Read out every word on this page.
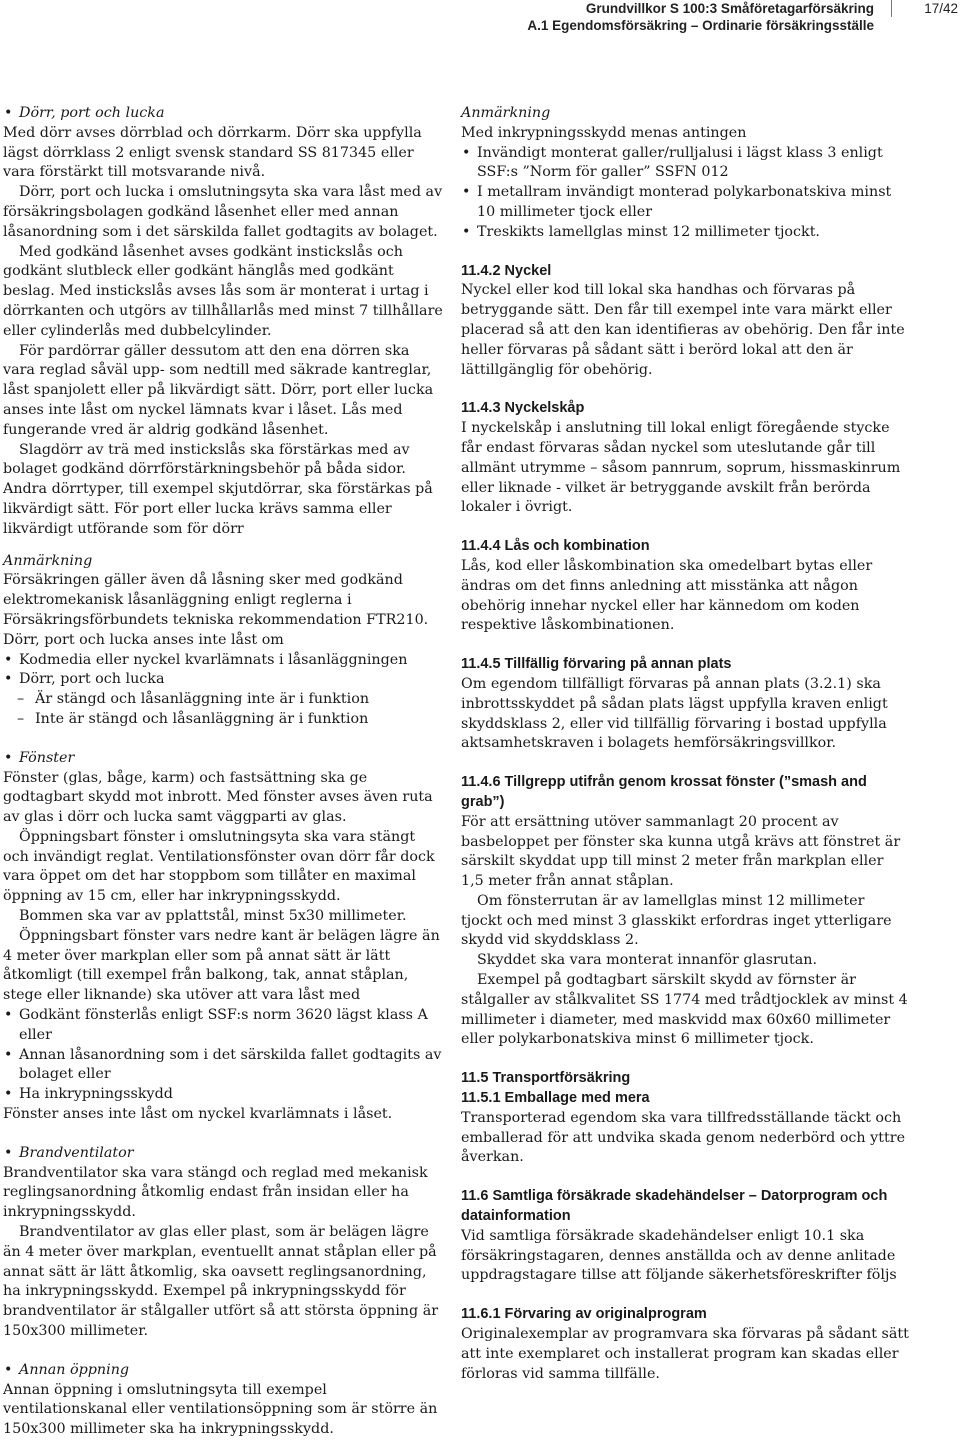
Grundvillkor S 100:3 Småföretagarförsäkring
A.1 Egendomsförsäkring – Ordinarie försäkringsställe
17/42

• Dörr, port och lucka

Med dörr avses dörrblad och dörrkarm. Dörr ska uppfylla lägst dörrklass 2 enligt svensk standard SS 817345 eller vara förstärkt till motsvarande nivå.

Dörr, port och lucka i omslutningsyta ska vara låst med av försäkringsbolagen godkänd låsenhet eller med annan låsanordning som i det särskilda fallet godtagits av bolaget.

Med godkänd låsenhet avses godkänt instickslås och godkänt slutbleck eller godkänt hänglås med godkänt beslag. Med instickslås avses lås som är monterat i urtag i dörrkanten och utgörs av tillhållarlås med minst 7 tillhållare eller cylinderlås med dubbelcylinder.

För pardörrar gäller dessutom att den ena dörren ska vara reglad såväl upp- som nedtill med säkrade kantreglar, låst spanjolett eller på likvärdigt sätt. Dörr, port eller lucka anses inte låst om nyckel lämnats kvar i låset. Lås med fungerande vred är aldrig godkänd låsenhet.

Slagdörr av trä med instickslås ska förstärkas med av bolaget godkänd dörrförstärkningsbehör på båda sidor. Andra dörrtyper, till exempel skjutdörrar, ska förstärkas på likvärdigt sätt. För port eller lucka krävs samma eller likvärdigt utförande som för dörr

Anmärkning

Försäkringen gäller även då låsning sker med godkänd elektromekanisk låsanläggning enligt reglerna i Försäkringsförbundets tekniska rekommendation FTR210. Dörr, port och lucka anses inte låst om

• Kodmedia eller nyckel kvarlämnats i låsanläggningen

• Dörr, port och lucka

– Är stängd och låsanläggning inte är i funktion

– Inte är stängd och låsanläggning är i funktion

• Fönster

Fönster (glas, båge, karm) och fastsättning ska ge godtagbart skydd mot inbrott. Med fönster avses även ruta av glas i dörr och lucka samt väggparti av glas.

Öppningsbart fönster i omslutningsyta ska vara stängt och invändigt reglat. Ventilationsfönster ovan dörr får dock vara öppet om det har stoppbom som tillåter en maximal öppning av 15 cm, eller har inkrypningsskydd.

Bommen ska var av pplattstål, minst 5x30 millimeter.

Öppningsbart fönster vars nedre kant är belägen lägre än 4 meter över markplan eller som på annat sätt är lätt åtkomligt (till exempel från balkong, tak, annat ståplan, stege eller liknande) ska utöver att vara låst med

• Godkänt fönsterlås enligt SSF:s norm 3620 lägst klass A eller

• Annan låsanordning som i det särskilda fallet godtagits av bolaget eller

• Ha inkrypningsskydd

Fönster anses inte låst om nyckel kvarlämnats i låset.

• Brandventilator

Brandventilator ska vara stängd och reglad med mekanisk reglingsanordning åtkomlig endast från insidan eller ha inkrypningsskydd.

Brandventilator av glas eller plast, som är belägen lägre än 4 meter över markplan, eventuellt annat ståplan eller på annat sätt är lätt åtkomlig, ska oavsett reglingsanordning, ha inkrypningsskydd. Exempel på inkrypningsskydd för brandventilator är stålgaller utfört så att största öppning är 150x300 millimeter.

• Annan öppning

Annan öppning i omslutningsyta till exempel ventilationskanal eller ventilationsöppning som är större än 150x300 millimeter ska ha inkrypningsskydd.

Anmärkning

Med inkrypningsskydd menas antingen

• Invändigt monterat galler/rulljalusi i lägst klass 3 enligt SSF:s ”Norm för galler” SSFN 012

• I metallram invändigt monterad polykarbonatskiva minst 10 millimeter tjock eller

• Treskikts lamellglas minst 12 millimeter tjockt.

11.4.2 Nyckel

Nyckel eller kod till lokal ska handhas och förvaras på betryggande sätt. Den får till exempel inte vara märkt eller placerad så att den kan identifieras av obehörig. Den får inte heller förvaras på sådant sätt i berörd lokal att den är lättillgänglig för obehörig.

11.4.3 Nyckelskåp

I nyckelskåp i anslutning till lokal enligt föregående stycke får endast förvaras sådan nyckel som uteslutande går till allmänt utrymme – såsom pannrum, soprum, hissmaskinrum eller liknade - vilket är betryggande avskilt från berörda lokaler i övrigt.

11.4.4 Lås och kombination

Lås, kod eller låskombination ska omedelbart bytas eller ändras om det finns anledning att misstänka att någon obehörig innehar nyckel eller har kännedom om koden respektive låskombinationen.

11.4.5 Tillfällig förvaring på annan plats

Om egendom tillfälligt förvaras på annan plats (3.2.1) ska inbrottsskyddet på sådan plats lägst uppfylla kraven enligt skyddsklass 2, eller vid tillfällig förvaring i bostad uppfylla aktsamhetskraven i bolagets hemförsäkringsvillkor.

11.4.6 Tillgrepp utifrån genom krossat fönster (”smash and grab”)

För att ersättning utöver sammanlagt 20 procent av basbeloppet per fönster ska kunna utgå krävs att fönstret är särskilt skyddat upp till minst 2 meter från markplan eller 1,5 meter från annat ståplan.

Om fönsterrutan är av lamellglas minst 12 millimeter tjockt och med minst 3 glasskikt erfordras inget ytterligare skydd vid skyddsklass 2.

Skyddet ska vara monterat innanför glasrutan.

Exempel på godtagbart särskilt skydd av förnster är stålgaller av stålkvalitet SS 1774 med trådtjocklek av minst 4 millimeter i diameter, med maskvidd max 60x60 millimeter eller polykarbonatskiva minst 6 millimeter tjock.

11.5 Transportförsäkring
11.5.1 Emballage med mera

Transporterad egendom ska vara tillfredsställande täckt och emballerad för att undvika skada genom nederbörd och yttre åverkan.

11.6 Samtliga försäkrade skadehändelser – Datorprogram och datainformation

Vid samtliga försäkrade skadehändelser enligt 10.1 ska försäkringstagaren, dennes anställda och av denne anlitade uppdragstagare tillse att följande säkerhetsföreskrifter följs

11.6.1 Förvaring av originalprogram

Originalexemplar av programvara ska förvaras på sådant sätt att inte exemplaret och installerat program kan skadas eller förloras vid samma tillfälle.
